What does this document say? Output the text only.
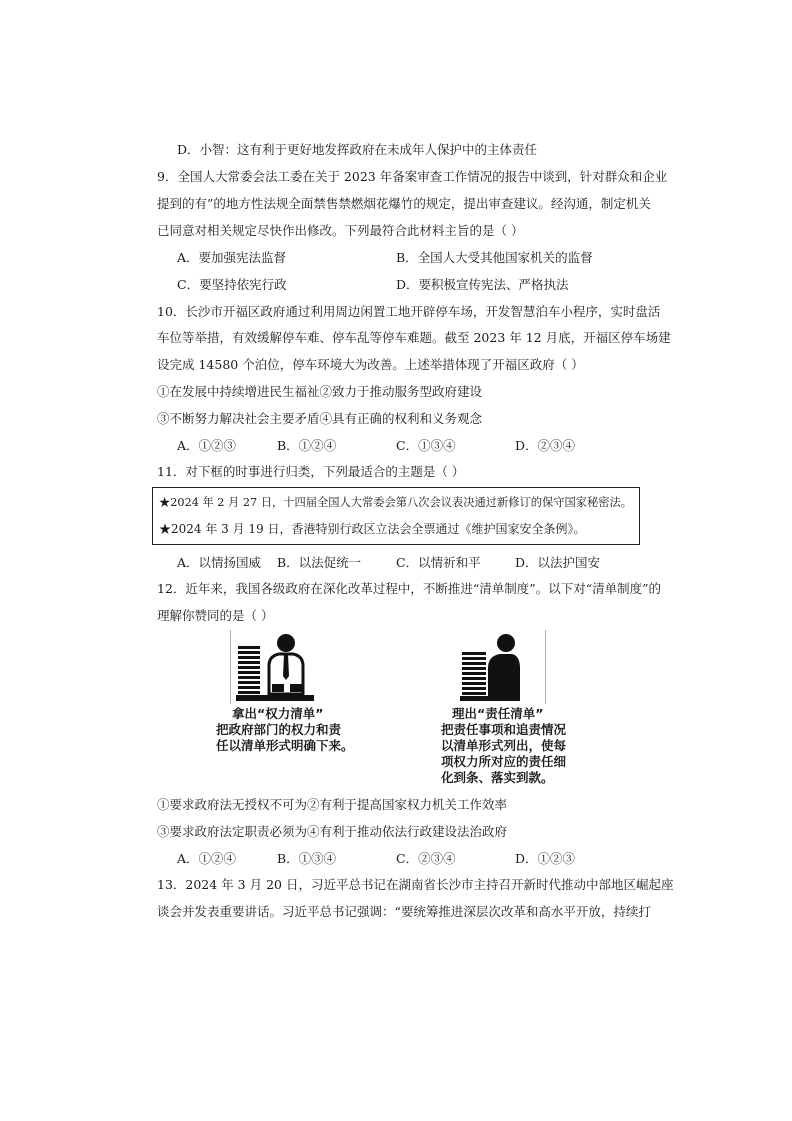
D．小智：这有利于更好地发挥政府在未成年人保护中的主体责任
9．全国人大常委会法工委在关于 2023 年备案审查工作情况的报告中谈到，针对群众和企业
提到的有”的地方性法规全面禁售禁燃烟花爆竹的规定，提出审查建议。经沟通，制定机关
已同意对相关规定尽快作出修改。下列最符合此材料主旨的是（ ）
A．要加强宪法监督	B．全国人大受其他国家机关的监督
C．要坚持依宪行政	D．要积极宣传宪法、严格执法
10．长沙市开福区政府通过利用周边闲置工地开辟停车场，开发智慧泊车小程序，实时盘活
车位等举措，有效缓解停车难、停车乱等停车难题。截至 2023 年 12 月底，开福区停车场建
设完成 14580 个泊位，停车环境大为改善。上述举措体现了开福区政府（ ）
①在发展中持续增进民生福祉②致力于推动服务型政府建设
③不断努力解决社会主要矛盾④具有正确的权利和义务观念
A．①②③	B．①②④	C．①③④	D．②③④
11．对下框的时事进行归类，下列最适合的主题是（ ）
★2024 年 2 月 27 日，十四届全国人大常委会第八次会议表决通过新修订的保守国家秘密法。
★2024 年 3 月 19 日，香港特别行政区立法会全票通过《维护国家安全条例》。
A．以情扬国威 B．以法促统一	C．以情祈和平	D．以法护国安
12．近年来，我国各级政府在深化改革过程中，不断推进“清单制度”。以下对“清单制度”的
理解你赞同的是（ ）
拿出“权力清单”
把政府部门的权力和责
任以清单形式明确下来。
理出“责任清单”
把责任事项和追责情况
以清单形式列出，使每
项权力所对应的责任细
化到条、落实到款。
①要求政府法无授权不可为②有利于提高国家权力机关工作效率
③要求政府法定职责必须为④有利于推动依法行政建设法治政府
A．①②④	B．①③④	C．②③④	D．①②③
13．2024 年 3 月 20 日，习近平总书记在湖南省长沙市主持召开新时代推动中部地区崛起座
谈会并发表重要讲话。习近平总书记强调：“要统筹推进深层次改革和高水平开放，持续打
